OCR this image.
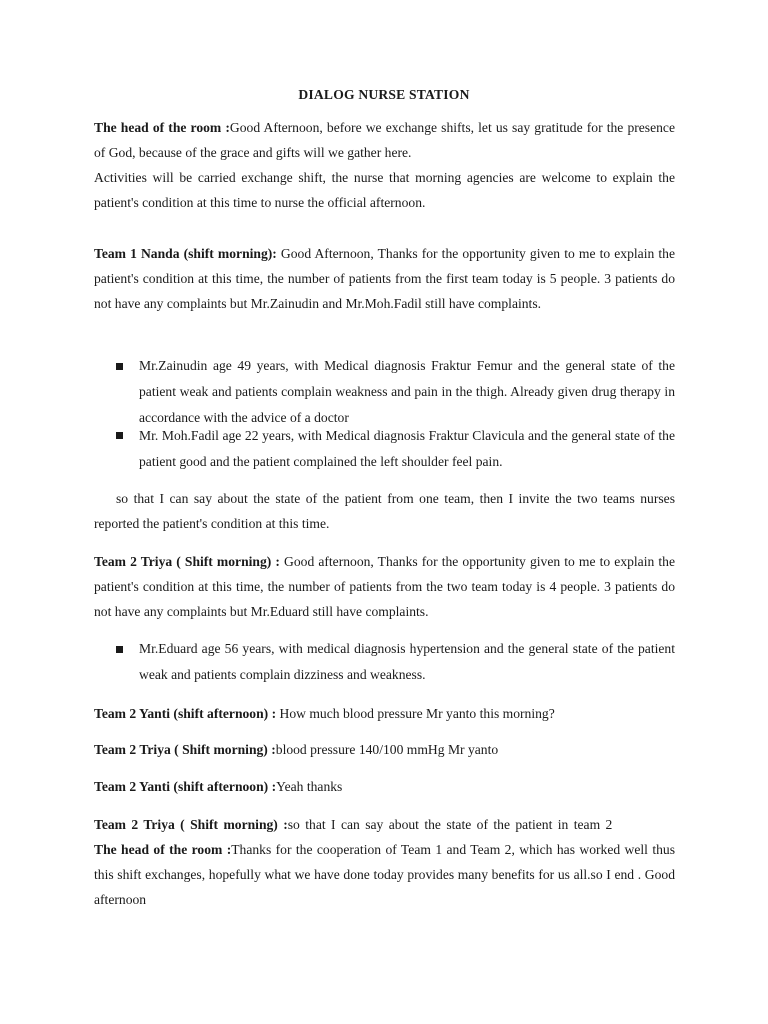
DIALOG NURSE STATION
The head of the room :Good Afternoon, before we exchange shifts, let us say gratitude for the presence of God, because of the grace and gifts will we gather here.
Activities will be carried exchange shift, the nurse that morning agencies are welcome to explain the patient's condition at this time to nurse the official afternoon.
Team 1 Nanda (shift morning): Good Afternoon, Thanks for the opportunity given to me to explain the patient's condition at this time, the number of patients from the first team today is 5 people. 3 patients do not have any complaints but Mr.Zainudin and Mr.Moh.Fadil still have complaints.
Mr.Zainudin age 49 years, with Medical diagnosis Fraktur Femur and the general state of the patient weak and patients complain weakness and pain in the thigh. Already given drug therapy in accordance with the advice of a doctor
Mr. Moh.Fadil age 22 years, with Medical diagnosis Fraktur Clavicula and the general state of the patient good and the patient complained the left shoulder feel pain.
so that I can say about the state of the patient from one team, then I invite the two teams nurses reported the patient's condition at this time.
Team 2 Triya ( Shift morning) : Good afternoon, Thanks for the opportunity given to me to explain the patient's condition at this time, the number of patients from the two team today is 4 people. 3 patients do not have any complaints but Mr.Eduard still have complaints.
Mr.Eduard age 56 years, with medical diagnosis hypertension and the general state of the patient weak and patients complain dizziness and weakness.
Team 2 Yanti (shift afternoon) : How much blood pressure Mr yanto this morning?
Team 2 Triya ( Shift morning) :blood pressure 140/100 mmHg Mr yanto
Team 2 Yanti (shift afternoon) :Yeah thanks
Team 2 Triya ( Shift morning) :so that I can say about the state of the patient in team 2
The head of the room :Thanks for the cooperation of Team 1 and Team 2, which has worked well thus this shift exchanges, hopefully what we have done today provides many benefits for us all.so I end . Good afternoon
